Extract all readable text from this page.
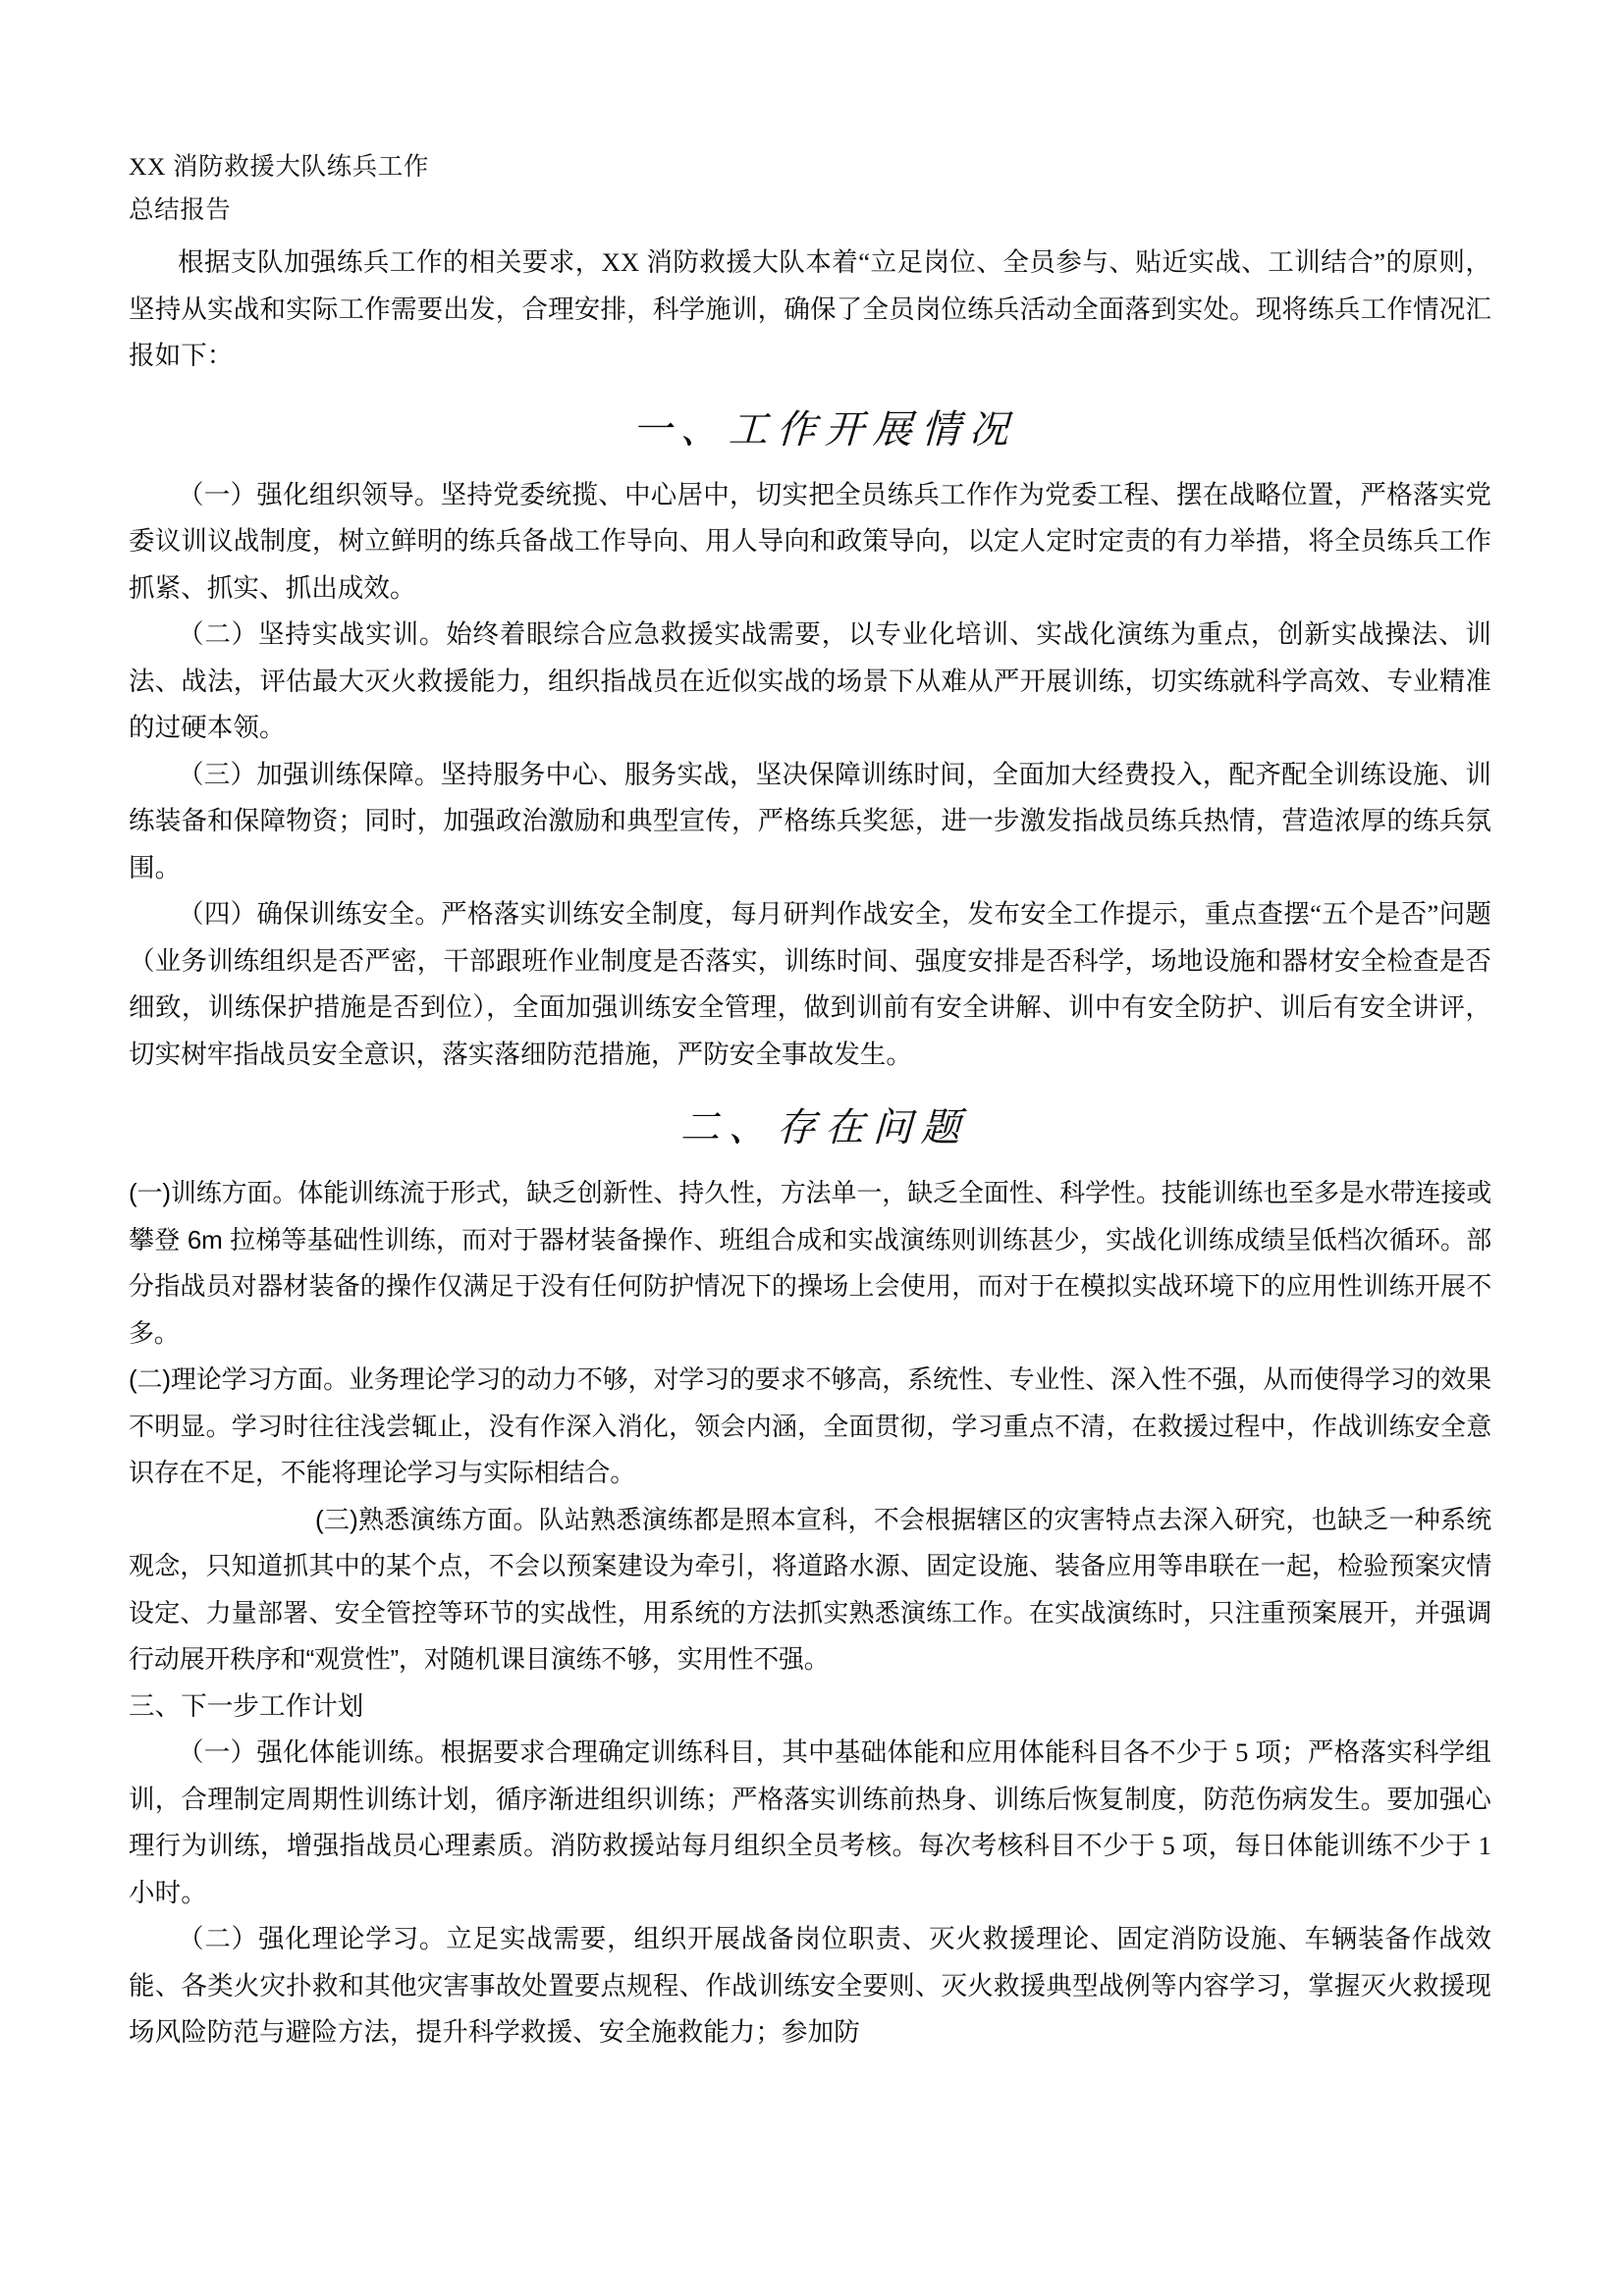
XX 消防救援大队练兵工作
总结报告

根据支队加强练兵工作的相关要求，XX 消防救援大队本着“立足岗位、全员参与、贴近实战、工训结合”的原则，坚持从实战和实际工作需要出发，合理安排，科学施训，确保了全员岗位练兵活动全面落到实处。现将练兵工作情况汇报如下：

一、工作开展情况

（一）强化组织领导。坚持党委统揽、中心居中，切实把全员练兵工作作为党委工程、摆在战略位置，严格落实党委议训议战制度，树立鲜明的练兵备战工作导向、用人导向和政策导向，以定人定时定责的有力举措，将全员练兵工作抓紧、抓实、抓出成效。

（二）坚持实战实训。始终着眼综合应急救援实战需要，以专业化培训、实战化演练为重点，创新实战操法、训法、战法，评估最大灭火救援能力，组织指战员在近似实战的场景下从难从严开展训练，切实练就科学高效、专业精准的过硬本领。

（三）加强训练保障。坚持服务中心、服务实战，坚决保障训练时间，全面加大经费投入，配齐配全训练设施、训练装备和保障物资；同时，加强政治激励和典型宣传，严格练兵奖惩，进一步激发指战员练兵热情，营造浓厚的练兵氛围。

（四）确保训练安全。严格落实训练安全制度，每月研判作战安全，发布安全工作提示，重点查摆“五个是否”问题（业务训练组织是否严密，干部跟班作业制度是否落实，训练时间、强度安排是否科学，场地设施和器材安全检查是否细致，训练保护措施是否到位），全面加强训练安全管理，做到训前有安全讲解、训中有安全防护、训后有安全讲评，切实树牢指战员安全意识，落实落细防范措施，严防安全事故发生。

二、存在问题

(一)训练方面。体能训练流于形式，缺乏创新性、持久性，方法单一，缺乏全面性、科学性。技能训练也至多是水带连接或攀登 6m 拉梯等基础性训练，而对于器材装备操作、班组合成和实战演练则训练甚少，实战化训练成绩呈低档次循环。部分指战员对器材装备的操作仅满足于没有任何防护情况下的操场上会使用，而对于在模拟实战环境下的应用性训练开展不多。

(二)理论学习方面。业务理论学习的动力不够，对学习的要求不够高，系统性、专业性、深入性不强，从而使得学习的效果不明显。学习时往往浅尝辄止，没有作深入消化，领会内涵，全面贯彻，学习重点不清，在救援过程中，作战训练安全意识存在不足，不能将理论学习与实际相结合。

(三)熟悉演练方面。队站熟悉演练都是照本宣科，不会根据辖区的灾害特点去深入研究，也缺乏一种系统观念，只知道抓其中的某个点，不会以预案建设为牵引，将道路水源、固定设施、装备应用等串联在一起，检验预案灾情设定、力量部署、安全管控等环节的实战性，用系统的方法抓实熟悉演练工作。在实战演练时，只注重预案展开，并强调行动展开秩序和“观赏性”，对随机课目演练不够，实用性不强。

三、下一步工作计划

（一）强化体能训练。根据要求合理确定训练科目，其中基础体能和应用体能科目各不少于 5 项；严格落实科学组训，合理制定周期性训练计划，循序渐进组织训练；严格落实训练前热身、训练后恢复制度，防范伤病发生。要加强心理行为训练，增强指战员心理素质。消防救援站每月组织全员考核。每次考核科目不少于 5 项，每日体能训练不少于 1 小时。

（二）强化理论学习。立足实战需要，组织开展战备岗位职责、灭火救援理论、固定消防设施、车辆装备作战效能、各类火灾扑救和其他灾害事故处置要点规程、作战训练安全要则、灭火救援典型战例等内容学习，掌握灭火救援现场风险防范与避险方法，提升科学救援、安全施救能力；参加防
